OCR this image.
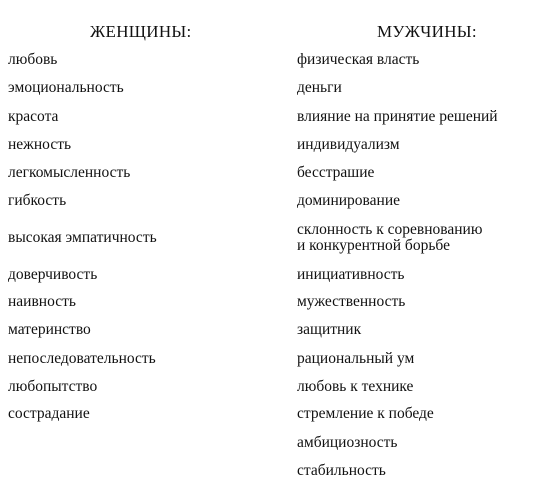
ЖЕНЩИНЫ:
любовь
эмоциональность
красота
нежность
легкомысленность
гибкость
высокая эмпатичность
доверчивость
наивность
материнство
непоследовательность
любопытство
сострадание
МУЖЧИНЫ:
физическая власть
деньги
влияние на принятие решений
индивидуализм
бесстрашие
доминирование
склонность к соревнованию
и конкурентной борьбе
инициативность
мужественность
защитник
рациональный ум
любовь к технике
стремление к победе
амбициозность
стабильность
